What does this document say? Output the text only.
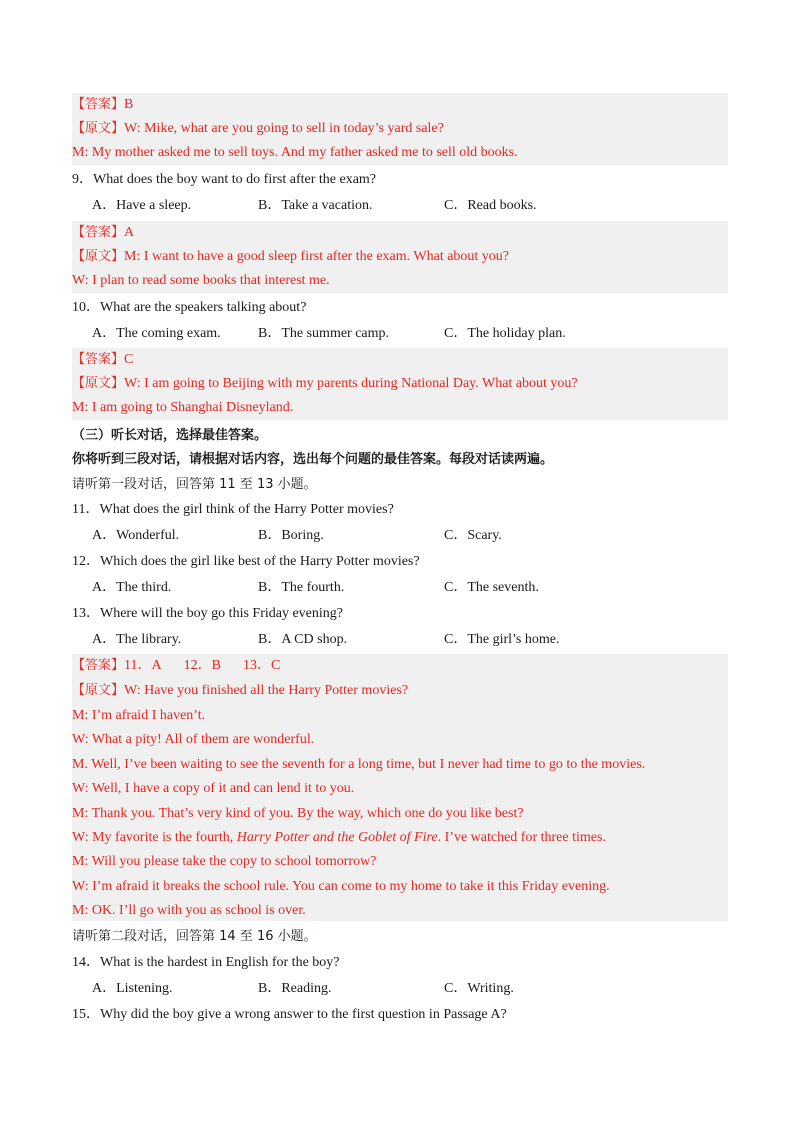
【答案】B
【原文】W: Mike, what are you going to sell in today’s yard sale?
M: My mother asked me to sell toys. And my father asked me to sell old books.
9．What does the boy want to do first after the exam?
A．Have a sleep.	B．Take a vacation.	C．Read books.
【答案】A
【原文】M: I want to have a good sleep first after the exam. What about you?
W: I plan to read some books that interest me.
10．What are the speakers talking about?
A．The coming exam.	B．The summer camp.	C．The holiday plan.
【答案】C
【原文】W: I am going to Beijing with my parents during National Day. What about you?
M: I am going to Shanghai Disneyland.
（三）听长对话，选择最佳答案。
你将听到三段对话，请根据对话内容，选出每个问题的最佳答案。每段对话读两遍。
请听第一段对话，回答第 11 至 13 小题。
11．What does the girl think of the Harry Potter movies?
A．Wonderful.	B．Boring.	C．Scary.
12．Which does the girl like best of the Harry Potter movies?
A．The third.	B．The fourth.	C．The seventh.
13．Where will the boy go this Friday evening?
A．The library.	B．A CD shop.	C．The girl’s home.
【答案】11．A 12．B 13．C
【原文】W: Have you finished all the Harry Potter movies?
M: I’m afraid I haven’t.
W: What a pity! All of them are wonderful.
M. Well, I’ve been waiting to see the seventh for a long time, but I never had time to go to the movies.
W: Well, I have a copy of it and can lend it to you.
M: Thank you. That’s very kind of you. By the way, which one do you like best?
W: My favorite is the fourth, Harry Potter and the Goblet of Fire. I’ve watched for three times.
M: Will you please take the copy to school tomorrow?
W: I’m afraid it breaks the school rule. You can come to my home to take it this Friday evening.
M: OK. I’ll go with you as school is over.
请听第二段对话，回答第 14 至 16 小题。
14．What is the hardest in English for the boy?
A．Listening.	B．Reading.	C．Writing.
15．Why did the boy give a wrong answer to the first question in Passage A?
